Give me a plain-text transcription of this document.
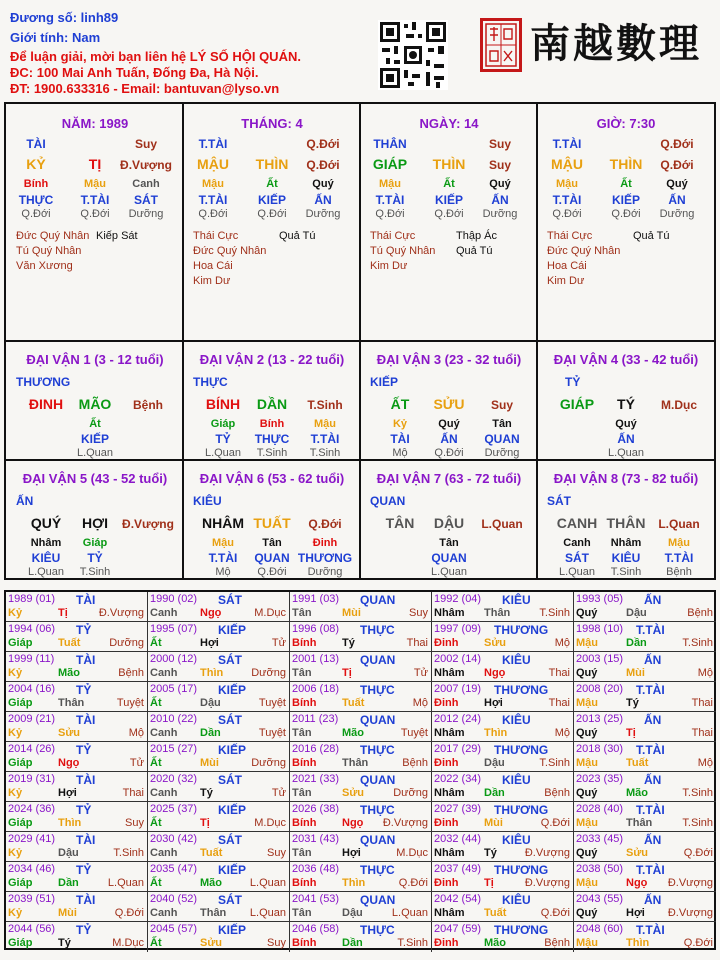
Đương số: linh89
Giới tính: Nam
Để luận giải, mời bạn liên hệ LÝ SỐ HỘI QUÁN.
ĐC: 100 Mai Anh Tuấn, Đống Đa, Hà Nội.
ĐT: 1900.633316 - Email: bantuvan@lyso.vn
南越數理
NĂM: 1989
TÀI	Suy
KỶ	TỊ Đ.Vượng
Bính	Mậu Canh
THỰC T.TÀI SÁT
Q.Đới	Q.Đới Dưỡng
Đức Quý Nhân Kiếp Sát
Tú Quý Nhân
Văn Xương
THÁNG: 4
T.TÀI	Q.Đới
MẬU THÌN Q.Đới
Mậu	Ất	Quý
T.TÀI	KIẾP ẤN
Q.Đới	Q.Đới Dưỡng
Thái Cực	Quả Tú
Đức Quý Nhân
Hoa Cái
Kim Dư
NGÀY: 14
THÂN	Suy
GIÁP THÌN Suy
Mậu	Ất	Quý
T.TÀI	KIẾP ẤN
Q.Đới	Q.Đới Dưỡng
Thái Cực	Thập Ác
Tú Quý Nhân Quả Tú
Kim Dư
GIỜ: 7:30
T.TÀI	Q.Đới
MẬU THÌN Q.Đới
Mậu	Ất	Quý
T.TÀI	KIẾP ẤN
Q.Đới	Q.Đới Dưỡng
Thái Cực	Quả Tú
Đức Quý Nhân
Hoa Cái
Kim Dư
ĐẠI VẬN 1 (3 - 12 tuổi)
THƯƠNG
ĐINH MÃO Bệnh
Ất
KIẾP
L.Quan
ĐẠI VẬN 2 (13 - 22 tuổi)
THỰC
BÍNH DẦN T.Sinh
Giáp Bính	Mậu
TỶ THỰC T.TÀI
L.Quan T.Sinh T.Sinh
ĐẠI VẬN 3 (23 - 32 tuổi)
KIẾP
ẤT SỬU Suy
Kỷ	Quý	Tân
TÀI	ẤN QUAN
Mộ Q.Đới Dưỡng
ĐẠI VẬN 4 (33 - 42 tuổi)
TỶ
GIÁP TÝ M.Dục
Quý
ẤN
L.Quan
ĐẠI VẬN 5 (43 - 52 tuổi)
ẤN
QUÝ HỢI Đ.Vượng
Nhâm Giáp
KIÊU TỶ
L.Quan T.Sinh
ĐẠI VẬN 6 (53 - 62 tuổi)
KIÊU
NHÂM TUẤT Q.Đới
Mậu	Tân	Đinh
T.TÀI QUAN THƯƠNG
Mộ Q.Đới Dưỡng
ĐẠI VẬN 7 (63 - 72 tuổi)
QUAN
TÂN DẬU L.Quan
Tân
QUAN
L.Quan
ĐẠI VẬN 8 (73 - 82 tuổi)
SÁT
CANH THÂN L.Quan
Canh Nhâm Mậu
SÁT KIÊU T.TÀI
L.Quan T.Sinh Bệnh
1989 (01) TÀI
Kỷ	Tị	Đ.Vượng
1990 (02) SÁT
Canh Ngọ	M.Dục
1991 (03) QUAN
Tân	Mùi	Suy
1992 (04) KIÊU
Nhâm Thân	T.Sinh
1993 (05) ẤN
Quý	Dậu	Bệnh
1994 (06) TỶ
Giáp Tuất	Dưỡng
1995 (07) KIẾP
Ất	Hợi	Tử
1996 (08) THỰC
Bính Tý	Thai
1997 (09) THƯƠNG
Đinh Sửu	Mộ
1998 (10) T.TÀI
Mậu	Dần	T.Sinh
1999 (11) TÀI
Kỷ	Mão	Bệnh
2000 (12) SÁT
Canh Thìn	Dưỡng
2001 (13) QUAN
Tân	Tị	Tử
2002 (14) KIÊU
Nhâm Ngọ	Thai
2003 (15) ẤN
Quý	Mùi	Mộ
2004 (16) TỶ
Giáp Thân	Tuyệt
2005 (17) KIẾP
Ất	Dậu	Tuyệt
2006 (18) THỰC
Bính Tuất	Mộ
2007 (19) THƯƠNG
Đinh Hợi	Thai
2008 (20) T.TÀI
Mậu	Tý	Thai
2009 (21) TÀI
Kỷ	Sửu	Mộ
2010 (22) SÁT
Canh Dần	Tuyệt
2011 (23) QUAN
Tân	Mão	Tuyệt
2012 (24) KIÊU
Nhâm Thìn	Mộ
2013 (25) ẤN
Quý	Tị	Thai
2014 (26) TỶ
Giáp Ngọ	Tử
2015 (27) KIẾP
Ất	Mùi	Dưỡng
2016 (28) THỰC
Bính Thân	Bệnh
2017 (29) THƯƠNG
Đinh Dậu	T.Sinh
2018 (30) T.TÀI
Mậu	Tuất	Mộ
2019 (31) TÀI
Kỷ	Hợi	Thai
2020 (32) SÁT
Canh Tý	Tử
2021 (33) QUAN
Tân	Sửu	Dưỡng
2022 (34) KIÊU
Nhâm Dần	Bệnh
2023 (35) ẤN
Quý	Mão	T.Sinh
2024 (36) TỶ
Giáp Thìn	Suy
2025 (37) KIẾP
Ất	Tị	M.Dục
2026 (38) THỰC
Bính Ngọ Đ.Vượng
2027 (39) THƯƠNG
Đinh Mùi	Q.Đới
2028 (40) T.TÀI
Mậu	Thân	T.Sinh
2029 (41) TÀI
Kỷ	Dậu	T.Sinh
2030 (42) SÁT
Canh Tuất	Suy
2031 (43) QUAN
Tân	Hợi	M.Dục
2032 (44) KIÊU
Nhâm Tý	Đ.Vượng
2033 (45) ẤN
Quý	Sửu	Q.Đới
2034 (46) TỶ
Giáp Dần	L.Quan
2035 (47) KIẾP
Ất	Mão	L.Quan
2036 (48) THỰC
Bính Thìn	Q.Đới
2037 (49) THƯƠNG
Đinh Tị	Đ.Vượng
2038 (50) T.TÀI
Mậu	Ngọ Đ.Vượng
2039 (51) TÀI
Kỷ	Mùi	Q.Đới
2040 (52) SÁT
Canh Thân L.Quan
2041 (53) QUAN
Tân	Dậu	L.Quan
2042 (54) KIÊU
Nhâm Tuất	Q.Đới
2043 (55) ẤN
Quý	Hợi Đ.Vượng
2044 (56) TỶ
Giáp Tý	M.Dục
2045 (57) KIẾP
Ất	Sửu	Suy
2046 (58) THỰC
Bính Dần	T.Sinh
2047 (59) THƯƠNG
Đinh Mão	Bệnh
2048 (60) T.TÀI
Mậu	Thìn	Q.Đới
